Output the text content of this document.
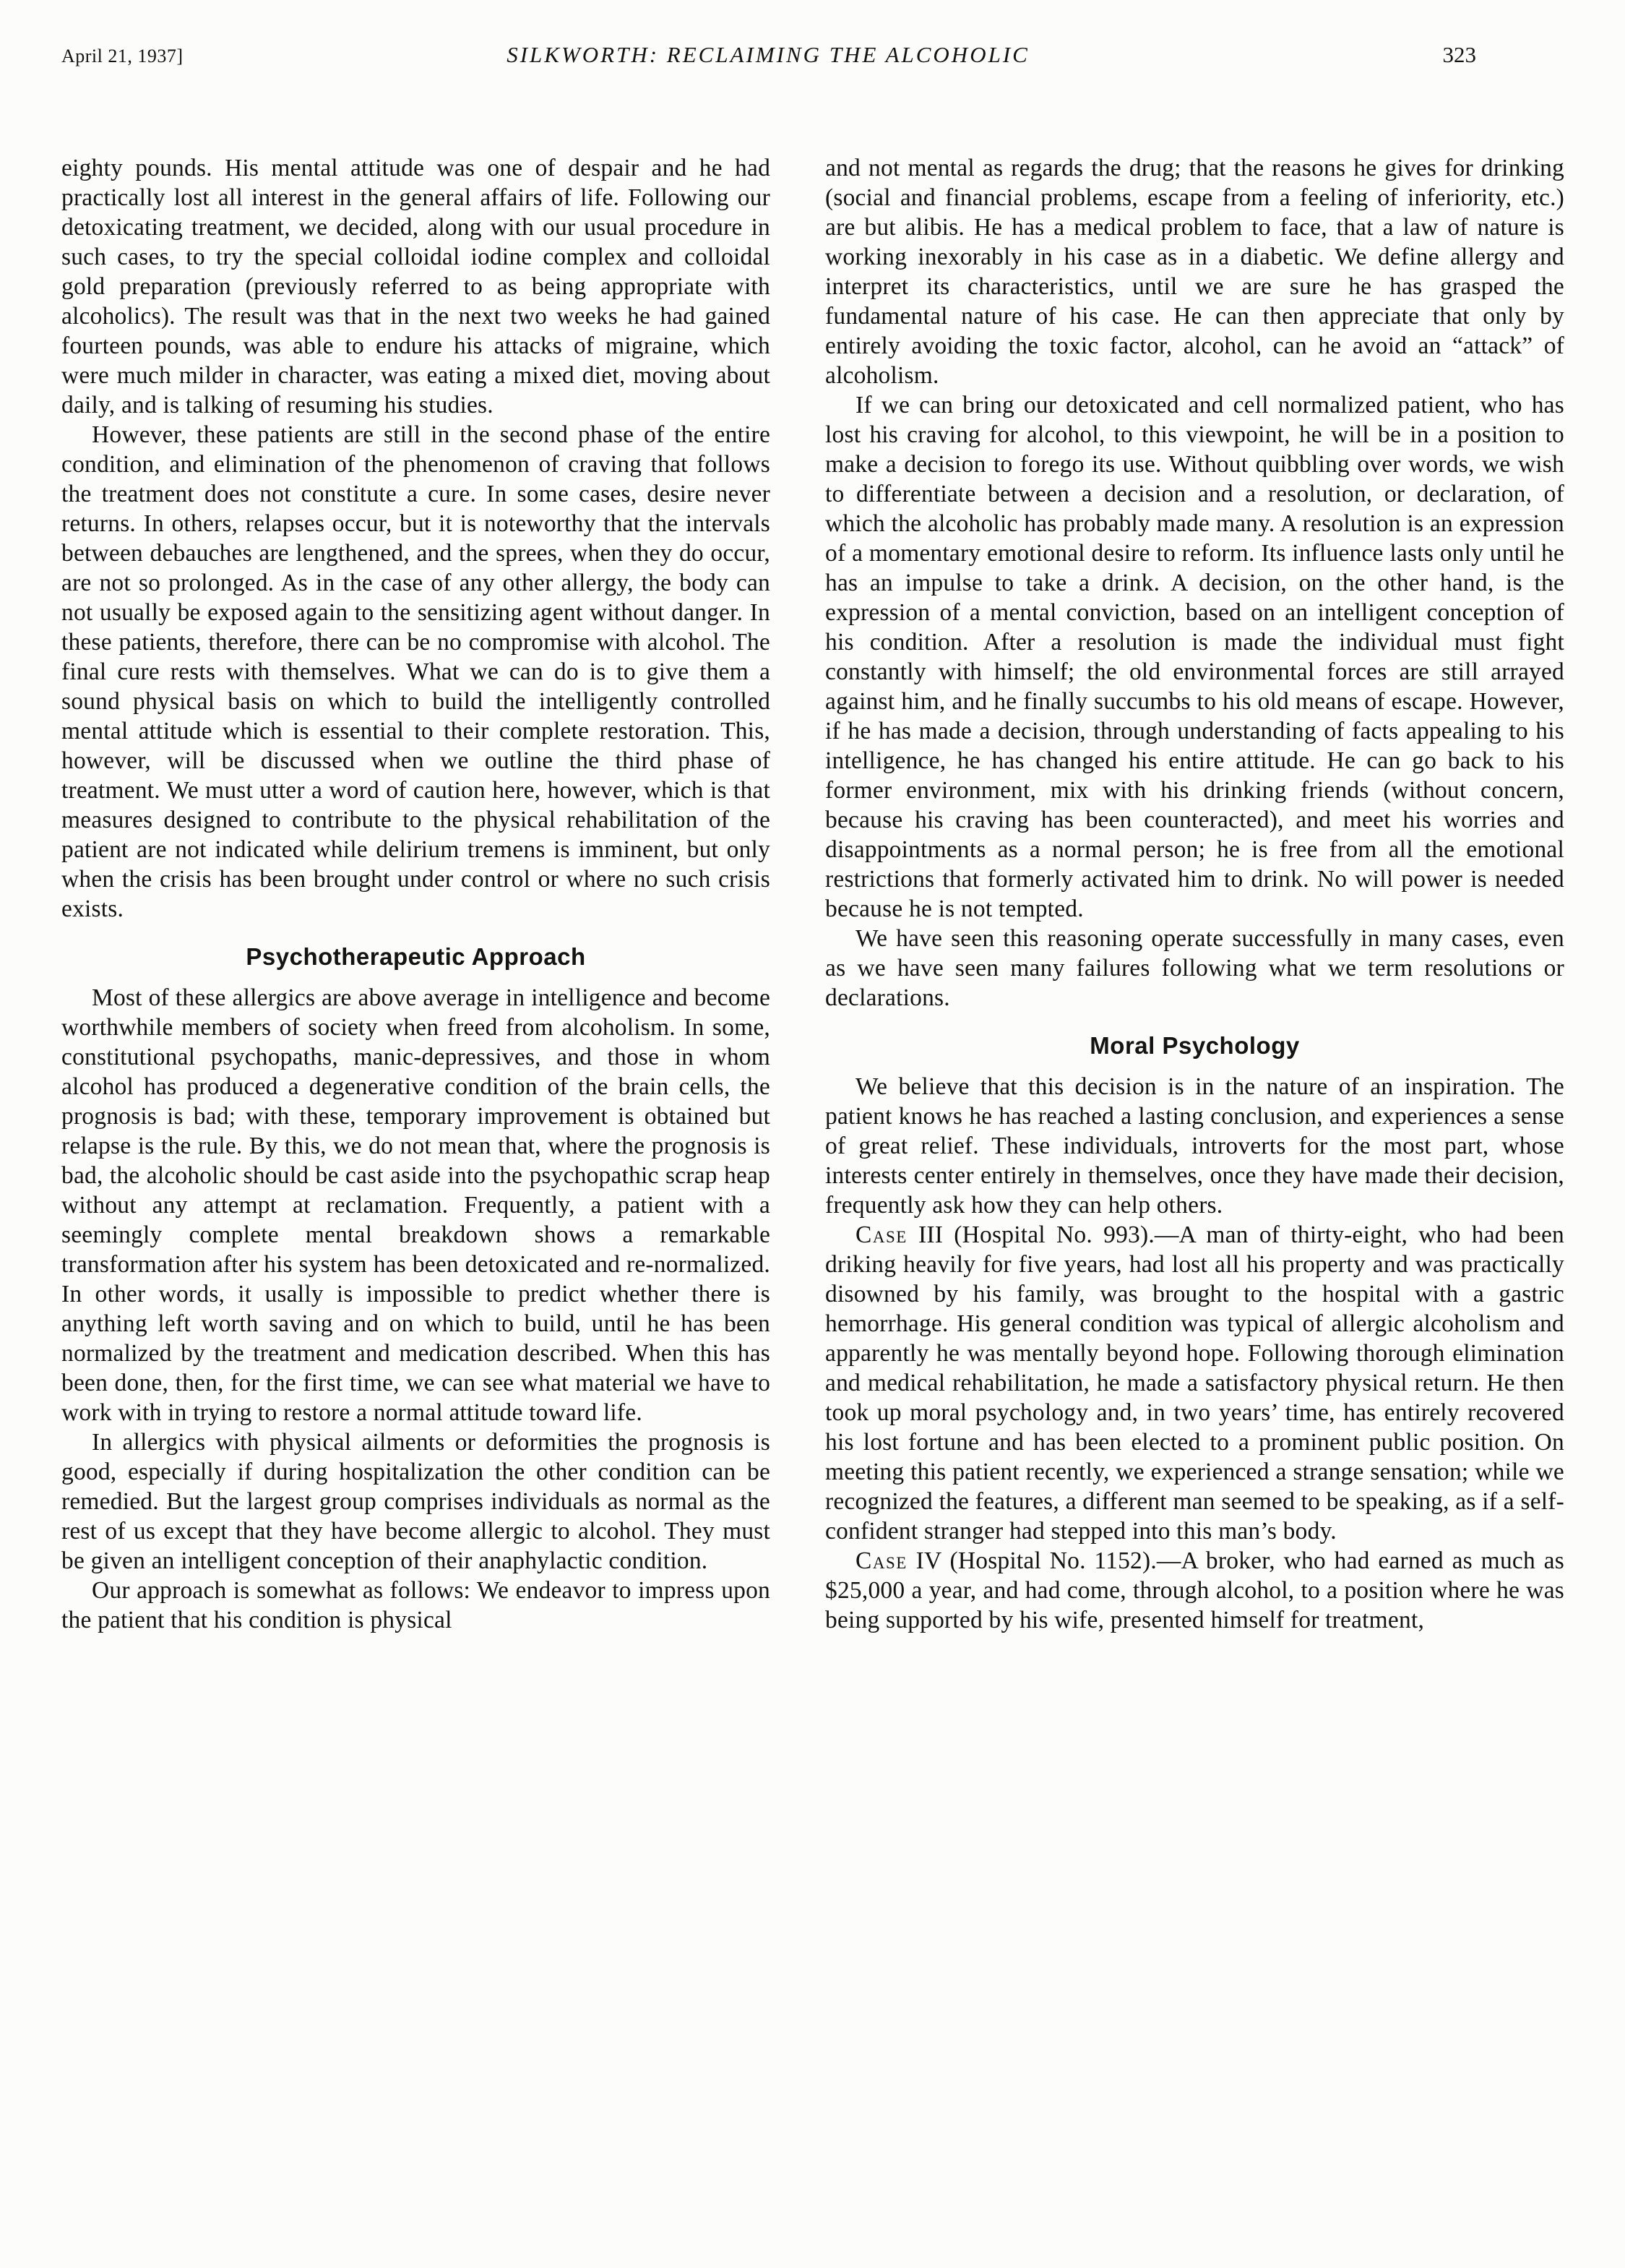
April 21, 1937]	SILKWORTH: RECLAIMING THE ALCOHOLIC	323

eighty pounds. His mental attitude was one of despair and he had practically lost all interest in the general affairs of life. Following our detoxicating treatment, we decided, along with our usual procedure in such cases, to try the special colloidal iodine complex and colloidal gold preparation (previously referred to as being appropriate with alcoholics). The result was that in the next two weeks he had gained fourteen pounds, was able to endure his attacks of migraine, which were much milder in character, was eating a mixed diet, moving about daily, and is talking of resuming his studies.

However, these patients are still in the second phase of the entire condition, and elimination of the phenomenon of craving that follows the treatment does not constitute a cure. In some cases, desire never returns. In others, relapses occur, but it is noteworthy that the intervals between debauches are lengthened, and the sprees, when they do occur, are not so prolonged. As in the case of any other allergy, the body can not usually be exposed again to the sensitizing agent without danger. In these patients, therefore, there can be no compromise with alcohol. The final cure rests with themselves. What we can do is to give them a sound physical basis on which to build the intelligently controlled mental attitude which is essential to their complete restoration. This, however, will be discussed when we outline the third phase of treatment. We must utter a word of caution here, however, which is that measures designed to contribute to the physical rehabilitation of the patient are not indicated while delirium tremens is imminent, but only when the crisis has been brought under control or where no such crisis exists.

Psychotherapeutic Approach

Most of these allergics are above average in intelligence and become worthwhile members of society when freed from alcoholism. In some, constitutional psychopaths, manic-depressives, and those in whom alcohol has produced a degenerative condition of the brain cells, the prognosis is bad; with these, temporary improvement is obtained but relapse is the rule. By this, we do not mean that, where the prognosis is bad, the alcoholic should be cast aside into the psychopathic scrap heap without any attempt at reclamation. Frequently, a patient with a seemingly complete mental breakdown shows a remarkable transformation after his system has been detoxicated and re-normalized. In other words, it usally is impossible to predict whether there is anything left worth saving and on which to build, until he has been normalized by the treatment and medication described. When this has been done, then, for the first time, we can see what material we have to work with in trying to restore a normal attitude toward life.

In allergics with physical ailments or deformities the prognosis is good, especially if during hospitalization the other condition can be remedied. But the largest group comprises individuals as normal as the rest of us except that they have become allergic to alcohol. They must be given an intelligent conception of their anaphylactic condition.

Our approach is somewhat as follows: We endeavor to impress upon the patient that his condition is physical

and not mental as regards the drug; that the reasons he gives for drinking (social and financial problems, escape from a feeling of inferiority, etc.) are but alibis. He has a medical problem to face, that a law of nature is working inexorably in his case as in a diabetic. We define allergy and interpret its characteristics, until we are sure he has grasped the fundamental nature of his case. He can then appreciate that only by entirely avoiding the toxic factor, alcohol, can he avoid an “attack” of alcoholism.

If we can bring our detoxicated and cell normalized patient, who has lost his craving for alcohol, to this viewpoint, he will be in a position to make a decision to forego its use. Without quibbling over words, we wish to differentiate between a decision and a resolution, or declaration, of which the alcoholic has probably made many. A resolution is an expression of a momentary emotional desire to reform. Its influence lasts only until he has an impulse to take a drink. A decision, on the other hand, is the expression of a mental conviction, based on an intelligent conception of his condition. After a resolution is made the individual must fight constantly with himself; the old environmental forces are still arrayed against him, and he finally succumbs to his old means of escape. However, if he has made a decision, through understanding of facts appealing to his intelligence, he has changed his entire attitude. He can go back to his former environment, mix with his drinking friends (without concern, because his craving has been counteracted), and meet his worries and disappointments as a normal person; he is free from all the emotional restrictions that formerly activated him to drink. No will power is needed because he is not tempted.

We have seen this reasoning operate successfully in many cases, even as we have seen many failures following what we term resolutions or declarations.

Moral Psychology

We believe that this decision is in the nature of an inspiration. The patient knows he has reached a lasting conclusion, and experiences a sense of great relief. These individuals, introverts for the most part, whose interests center entirely in themselves, once they have made their decision, frequently ask how they can help others.

Case III (Hospital No. 993).—A man of thirty-eight, who had been driking heavily for five years, had lost all his property and was practically disowned by his family, was brought to the hospital with a gastric hemorrhage. His general condition was typical of allergic alcoholism and apparently he was mentally beyond hope. Following thorough elimination and medical rehabilitation, he made a satisfactory physical return. He then took up moral psychology and, in two years’ time, has entirely recovered his lost fortune and has been elected to a prominent public position. On meeting this patient recently, we experienced a strange sensation; while we recognized the features, a different man seemed to be speaking, as if a self-confident stranger had stepped into this man’s body.

Case IV (Hospital No. 1152).—A broker, who had earned as much as $25,000 a year, and had come, through alcohol, to a position where he was being supported by his wife, presented himself for treatment,
